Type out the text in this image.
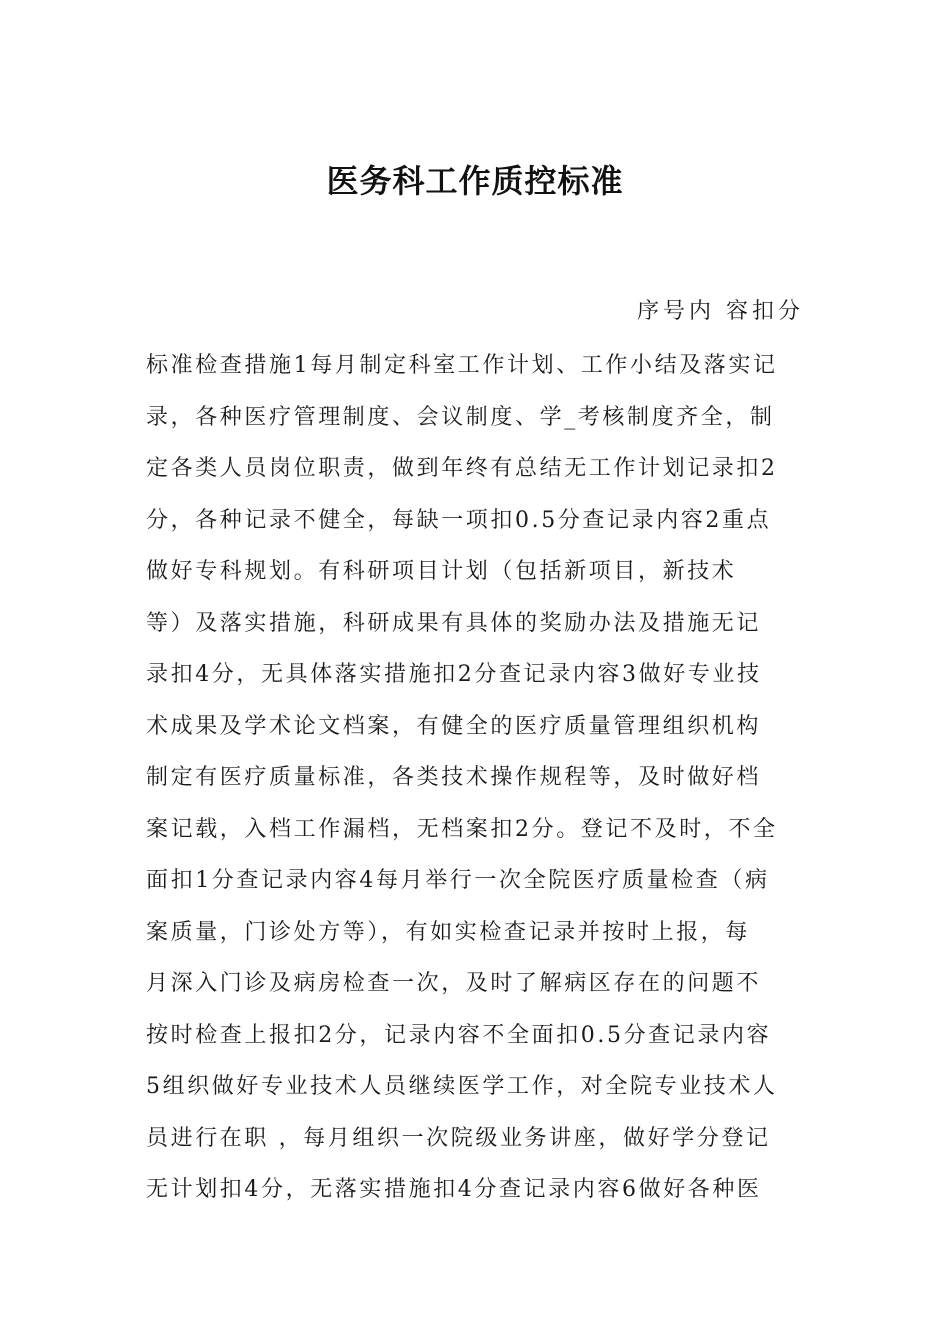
医务科工作质控标准
序号内 容扣分
标准检查措施1每月制定科室工作计划、工作小结及落实记
录，各种医疗管理制度、会议制度、学_考核制度齐全，制
定各类人员岗位职责，做到年终有总结无工作计划记录扣2
分，各种记录不健全，每缺一项扣0.5分查记录内容2重点
做好专科规划。有科研项目计划（包括新项目，新技术
等）及落实措施，科研成果有具体的奖励办法及措施无记
录扣4分，无具体落实措施扣2分查记录内容3做好专业技
术成果及学术论文档案，有健全的医疗质量管理组织机构
制定有医疗质量标准，各类技术操作规程等，及时做好档
案记载，入档工作漏档，无档案扣2分。登记不及时，不全
面扣1分查记录内容4每月举行一次全院医疗质量检查（病
案质量，门诊处方等），有如实检查记录并按时上报，每
月深入门诊及病房检查一次，及时了解病区存在的问题不
按时检查上报扣2分，记录内容不全面扣0.5分查记录内容
5组织做好专业技术人员继续医学工作，对全院专业技术人
员进行在职 ，每月组织一次院级业务讲座，做好学分登记
无计划扣4分，无落实措施扣4分查记录内容6做好各种医
